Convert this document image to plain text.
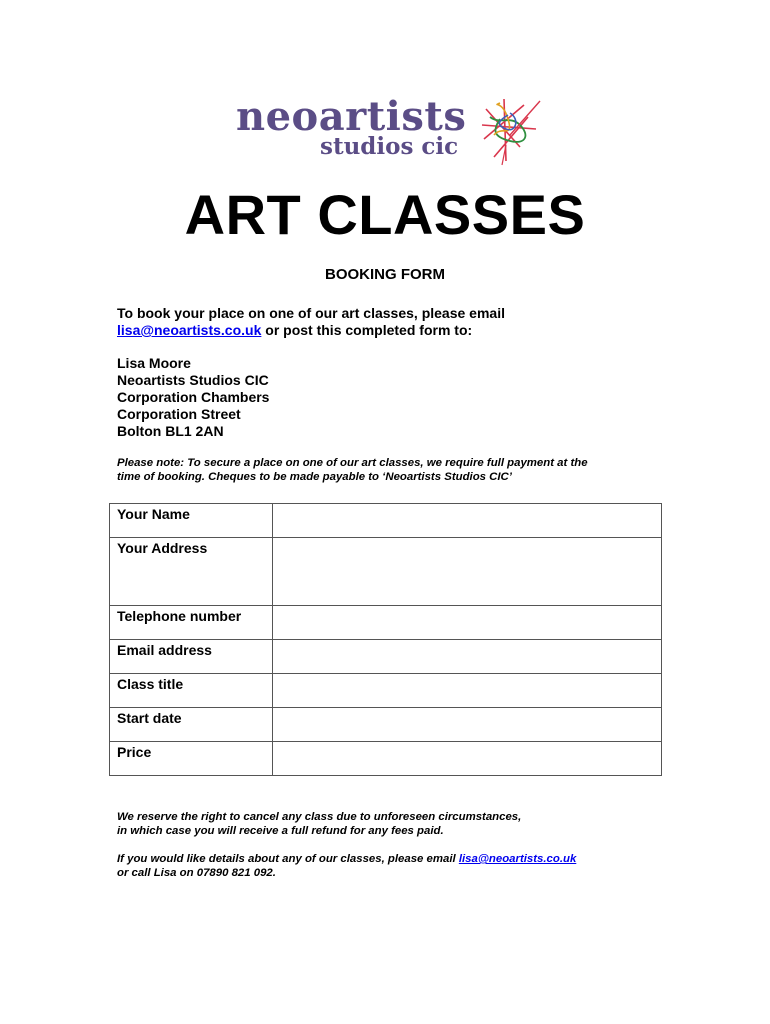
neoartists
studios cic
ART CLASSES
BOOKING FORM
To book your place on one of our art classes, please email
lisa@neoartists.co.uk or post this completed form to:
Lisa Moore
Neoartists Studios CIC
Corporation Chambers
Corporation Street
Bolton BL1 2AN
Please note: To secure a place on one of our art classes, we require full payment at the
time of booking. Cheques to be made payable to ‘Neoartists Studios CIC’
Your Name	
Your Address	
Telephone number	
Email address	
Class title	
Start date	
Price	
We reserve the right to cancel any class due to unforeseen circumstances,
in which case you will receive a full refund for any fees paid.
If you would like details about any of our classes, please email lisa@neoartists.co.uk
or call Lisa on 07890 821 092.
